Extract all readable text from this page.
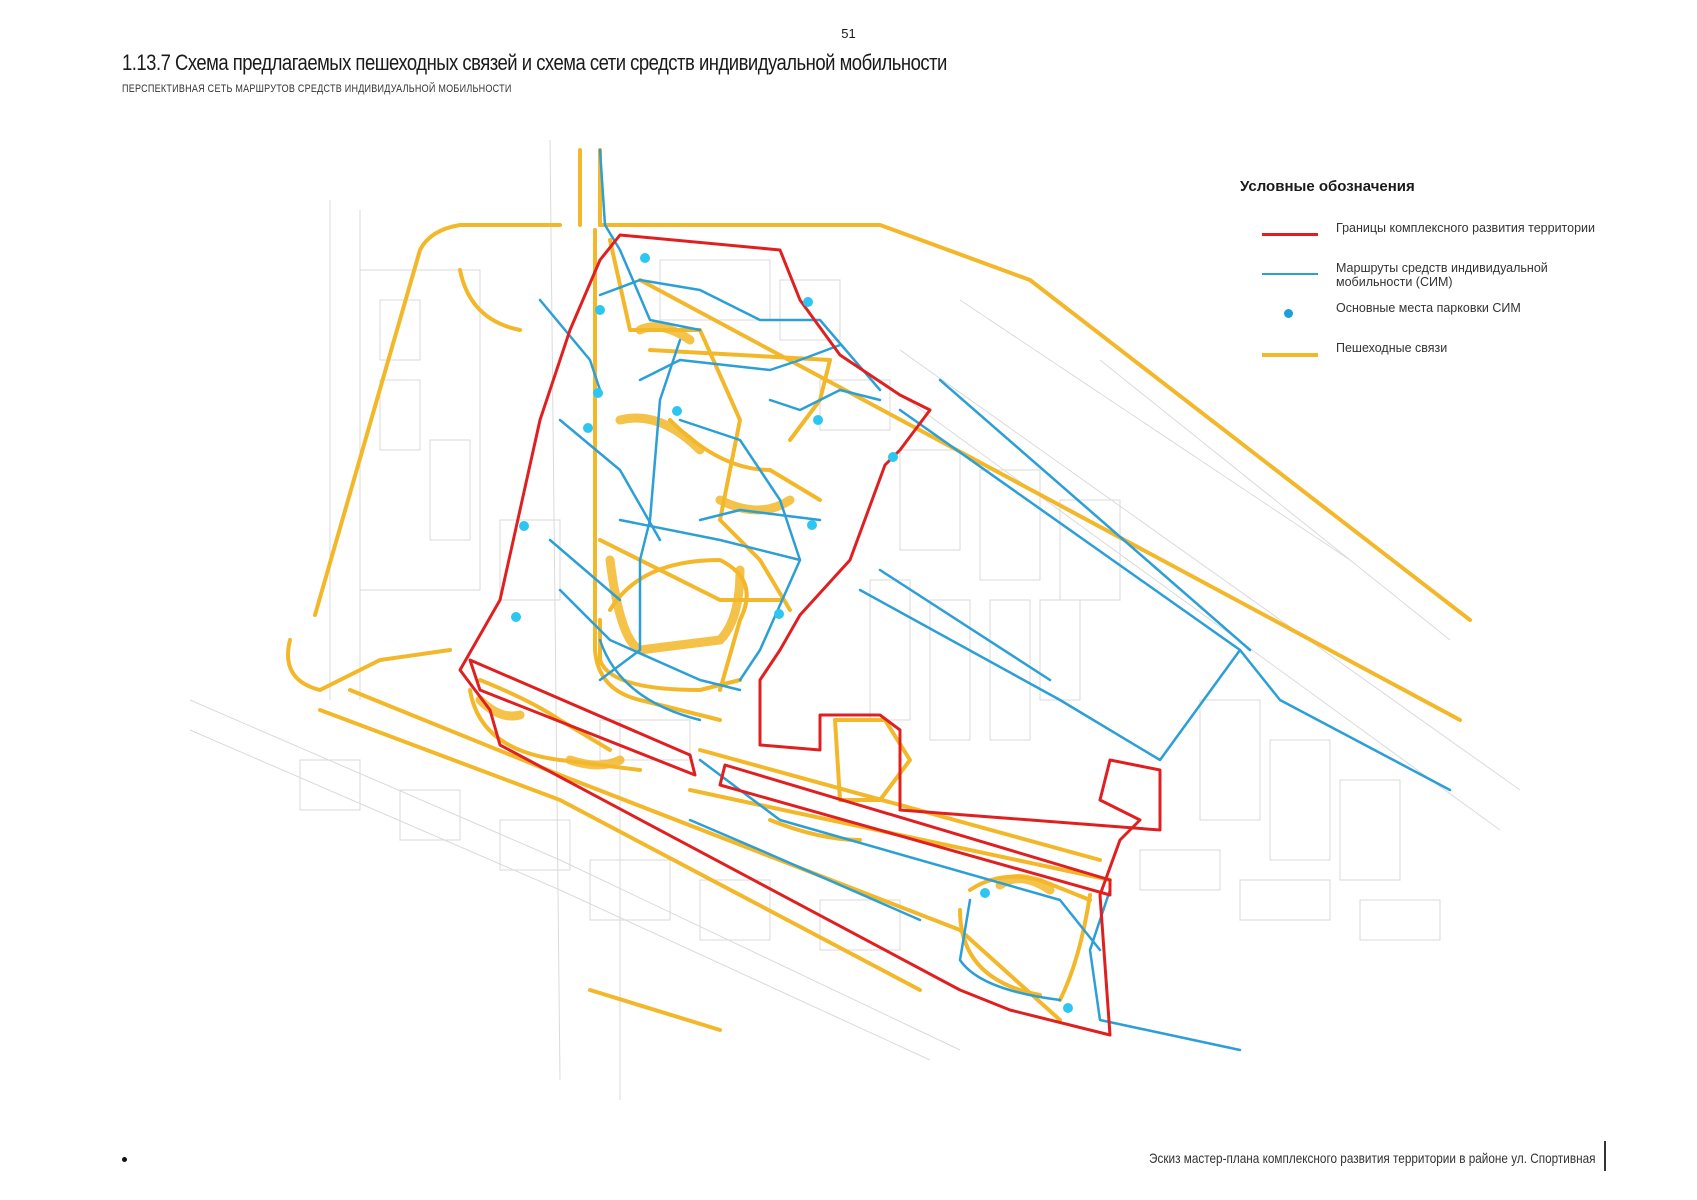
51
1.13.7 Схема предлагаемых пешеходных связей и схема сети средств индивидуальной мобильности
ПЕРСПЕКТИВНАЯ СЕТЬ МАРШРУТОВ СРЕДСТВ ИНДИВИДУАЛЬНОЙ МОБИЛЬНОСТИ
Условные обозначения
Границы комплексного развития территории
Маршруты средств индивидуальной мобильности (СИМ)
Основные места парковки СИМ
Пешеходные связи
Эскиз мастер-плана комплексного развития территории в районе ул. Спортивная
